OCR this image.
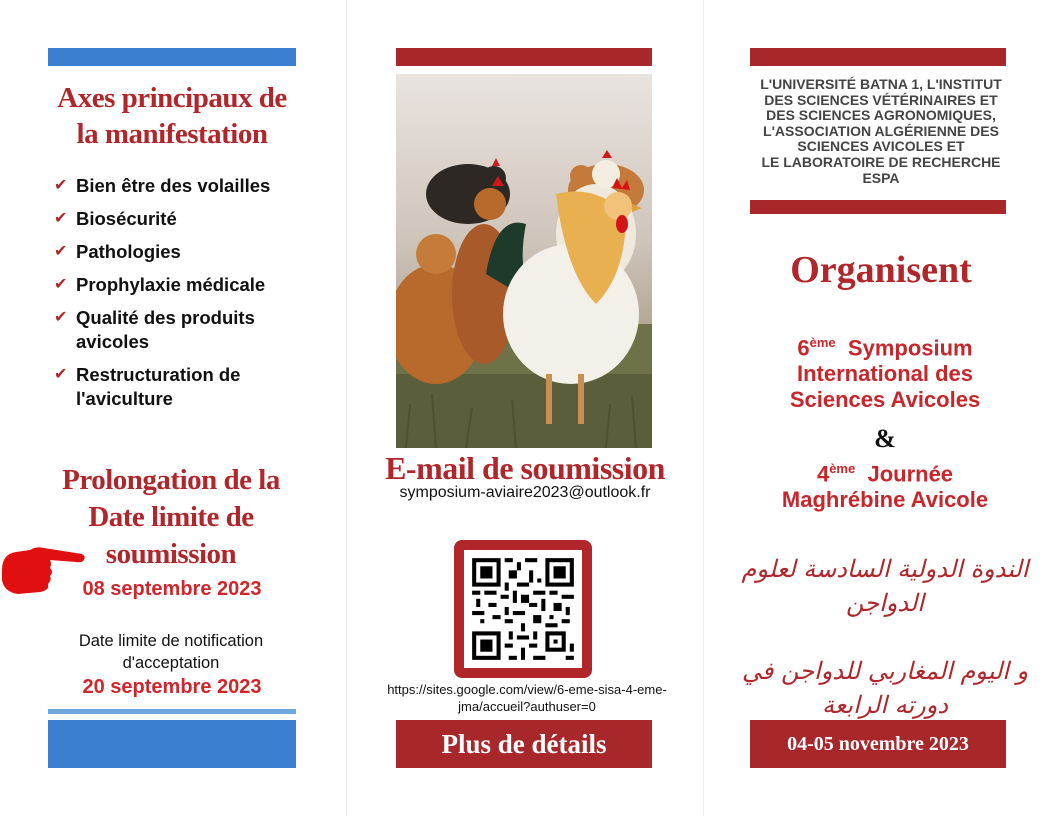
Axes principaux de
la manifestation
✔ Bien être des volailles
✔ Biosécurité
✔ Pathologies
✔ Prophylaxie médicale
✔ Qualité des produits avicoles
✔ Restructuration de l'aviculture
Prolongation de la
Date limite de
soumission
08 septembre 2023
Date limite de notification
d'acceptation
20 septembre 2023
E-mail de soumission
symposium-aviaire2023@outlook.fr
https://sites.google.com/view/6-eme-sisa-4-eme-
jma/accueil?authuser=0
Plus de détails
L'UNIVERSITÉ BATNA 1, L'INSTITUT
DES SCIENCES VÉTÉRINAIRES ET
DES SCIENCES AGRONOMIQUES,
L'ASSOCIATION ALGÉRIENNE DES
SCIENCES AVICOLES ET
LE LABORATOIRE DE RECHERCHE
ESPA
Organisent
6ème Symposium
International des
Sciences Avicoles
&
4ème Journée
Maghrébine Avicole
الندوة الدولية السادسة لعلوم
الدواجن
و اليوم المغاربي للدواجن في
دورته الرابعة
04-05 novembre 2023
